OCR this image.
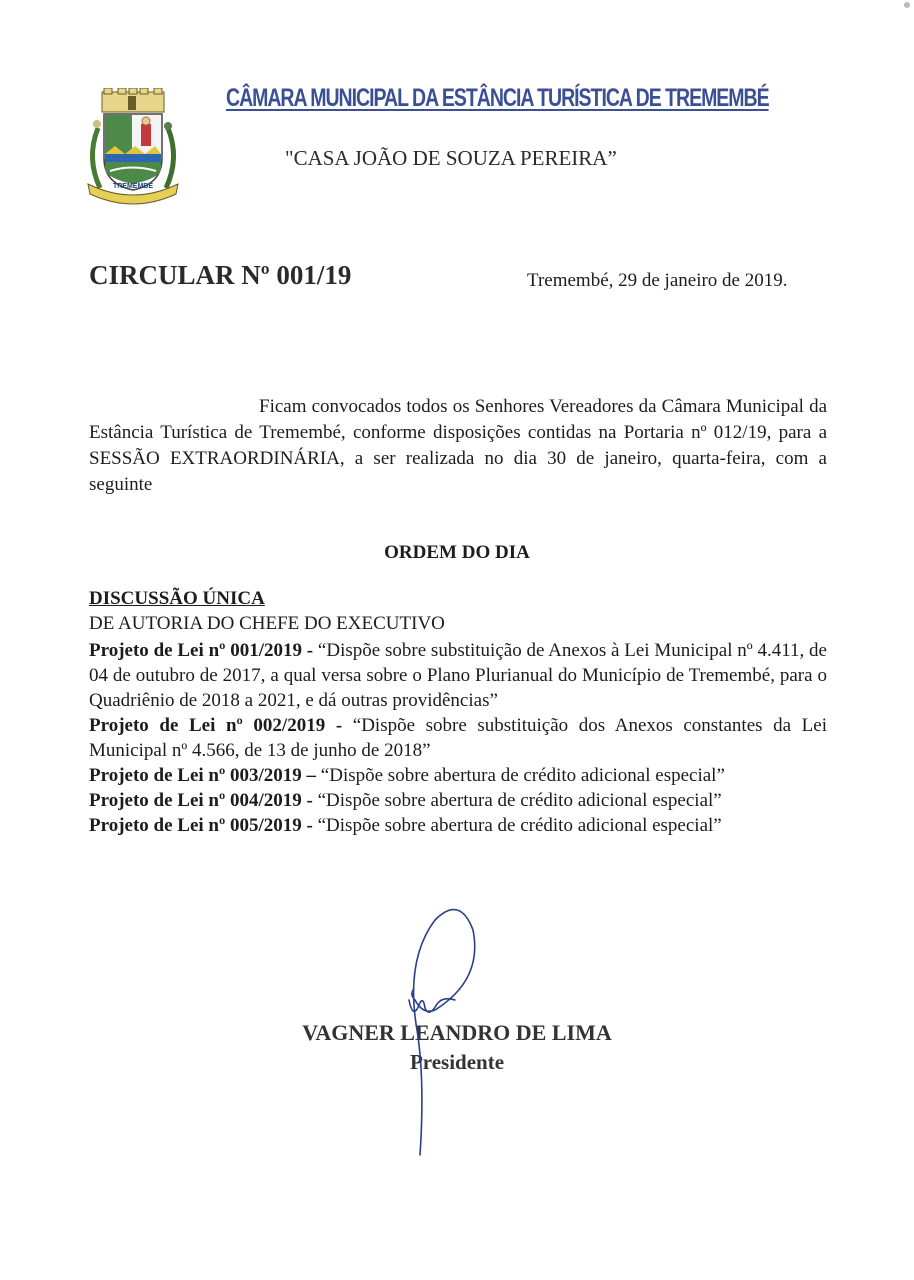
TREMEMBÉ
CÂMARA MUNICIPAL DA ESTÂNCIA TURÍSTICA DE TREMEMBÉ
"CASA JOÃO DE SOUZA PEREIRA”
CIRCULAR Nº 001/19	Tremembé, 29 de janeiro de 2019.
Ficam convocados todos os Senhores Vereadores da Câmara Municipal da Estância Turística de Tremembé, conforme disposições contidas na Portaria nº 012/19, para a SESSÃO EXTRAORDINÁRIA, a ser realizada no dia 30 de janeiro, quarta-feira, com a seguinte
ORDEM DO DIA
DISCUSSÃO ÚNICA
DE AUTORIA DO CHEFE DO EXECUTIVO
Projeto de Lei nº 001/2019 - “Dispõe sobre substituição de Anexos à Lei Municipal nº 4.411, de 04 de outubro de 2017, a qual versa sobre o Plano Plurianual do Município de Tremembé, para o Quadriênio de 2018 a 2021, e dá outras providências”
Projeto de Lei nº 002/2019 - “Dispõe sobre substituição dos Anexos constantes da Lei Municipal nº 4.566, de 13 de junho de 2018”
Projeto de Lei nº 003/2019 – “Dispõe sobre abertura de crédito adicional especial”
Projeto de Lei nº 004/2019 - “Dispõe sobre abertura de crédito adicional especial”
Projeto de Lei nº 005/2019 - “Dispõe sobre abertura de crédito adicional especial”
VAGNER LEANDRO DE LIMA
Presidente
